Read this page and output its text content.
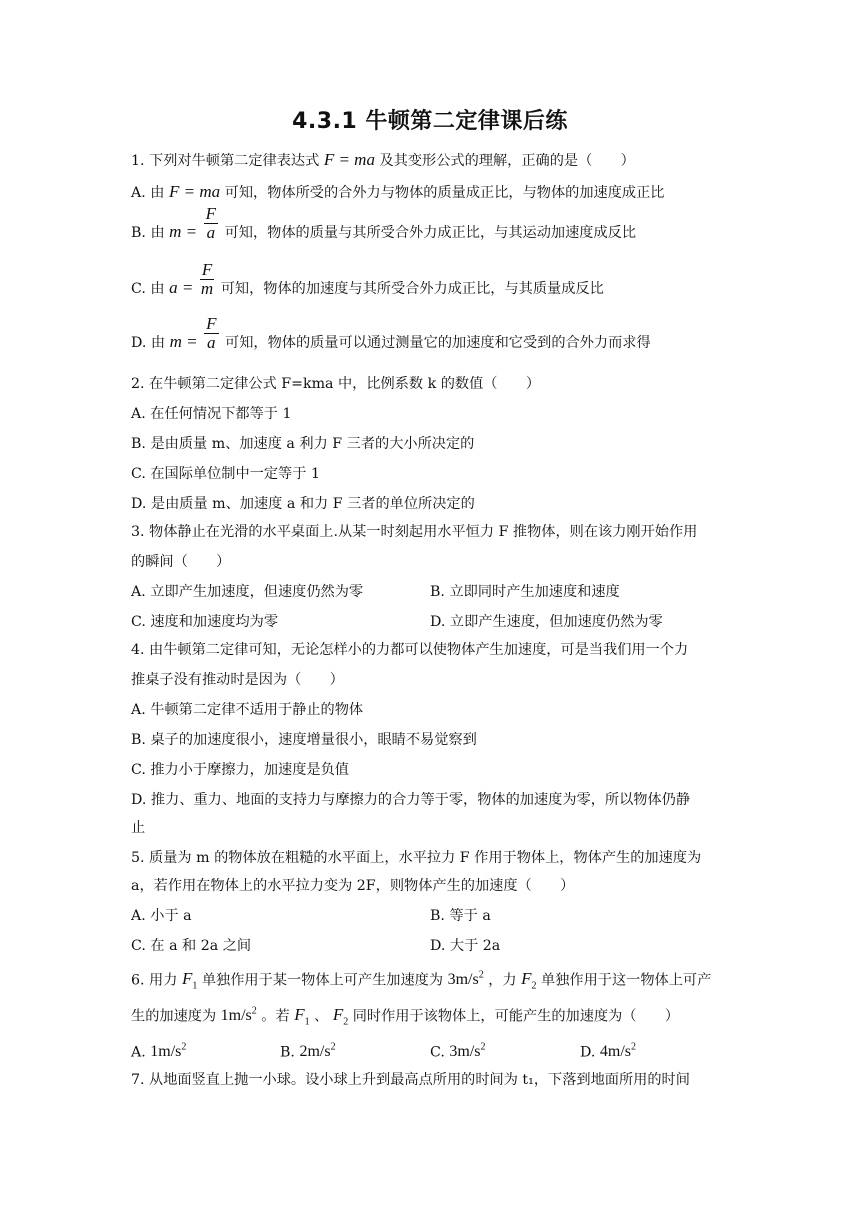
4.3.1 牛顿第二定律课后练
1. 下列对牛顿第二定律表达式 F = ma 及其变形公式的理解，正确的是（　　）
A. 由 F = ma 可知，物体所受的合外力与物体的质量成正比，与物体的加速度成正比
B. 由 $m = \frac{F}{a}$ 可知，物体的质量与其所受合外力成正比，与其运动加速度成反比
C. 由 $a = \frac{F}{m}$ 可知，物体的加速度与其所受合外力成正比，与其质量成反比
D. 由 $m = \frac{F}{a}$ 可知，物体的质量可以通过测量它的加速度和它受到的合外力而求得
2. 在牛顿第二定律公式 F=kma 中，比例系数 k 的数值（　　）
A. 在任何情况下都等于 1
B. 是由质量 m、加速度 a 利力 F 三者的大小所决定的
C. 在国际单位制中一定等于 1
D. 是由质量 m、加速度 a 和力 F 三者的单位所决定的
3. 物体静止在光滑的水平桌面上.从某一时刻起用水平恒力 F 推物体，则在该力刚开始作用
的瞬间（　　）
A. 立即产生加速度，但速度仍然为零	B. 立即同时产生加速度和速度
C. 速度和加速度均为零	D. 立即产生速度，但加速度仍然为零
4. 由牛顿第二定律可知，无论怎样小的力都可以使物体产生加速度，可是当我们用一个力
推桌子没有推动时是因为（　　）
A. 牛顿第二定律不适用于静止的物体
B. 桌子的加速度很小，速度增量很小，眼睛不易觉察到
C. 推力小于摩擦力，加速度是负值
D. 推力、重力、地面的支持力与摩擦力的合力等于零，物体的加速度为零，所以物体仍静
止
5. 质量为 m 的物体放在粗糙的水平面上，水平拉力 F 作用于物体上，物体产生的加速度为
a，若作用在物体上的水平拉力变为 2F，则物体产生的加速度（　　）
A. 小于 a	B. 等于 a
C. 在 a 和 2a 之间	D. 大于 2a
6. 用力 $F_1$ 单独作用于某一物体上可产生加速度为 $3m/s^2$ ，力 $F_2$ 单独作用于这一物体上可产
生的加速度为 $1m/s^2$ 。若 $F_1$ 、 $F_2$ 同时作用于该物体上，可能产生的加速度为（　　）
A. $1m/s^2$	B. $2m/s^2$	C. $3m/s^2$	D. $4m/s^2$
7. 从地面竖直上抛一小球。设小球上升到最高点所用的时间为 t₁，下落到地面所用的时间
